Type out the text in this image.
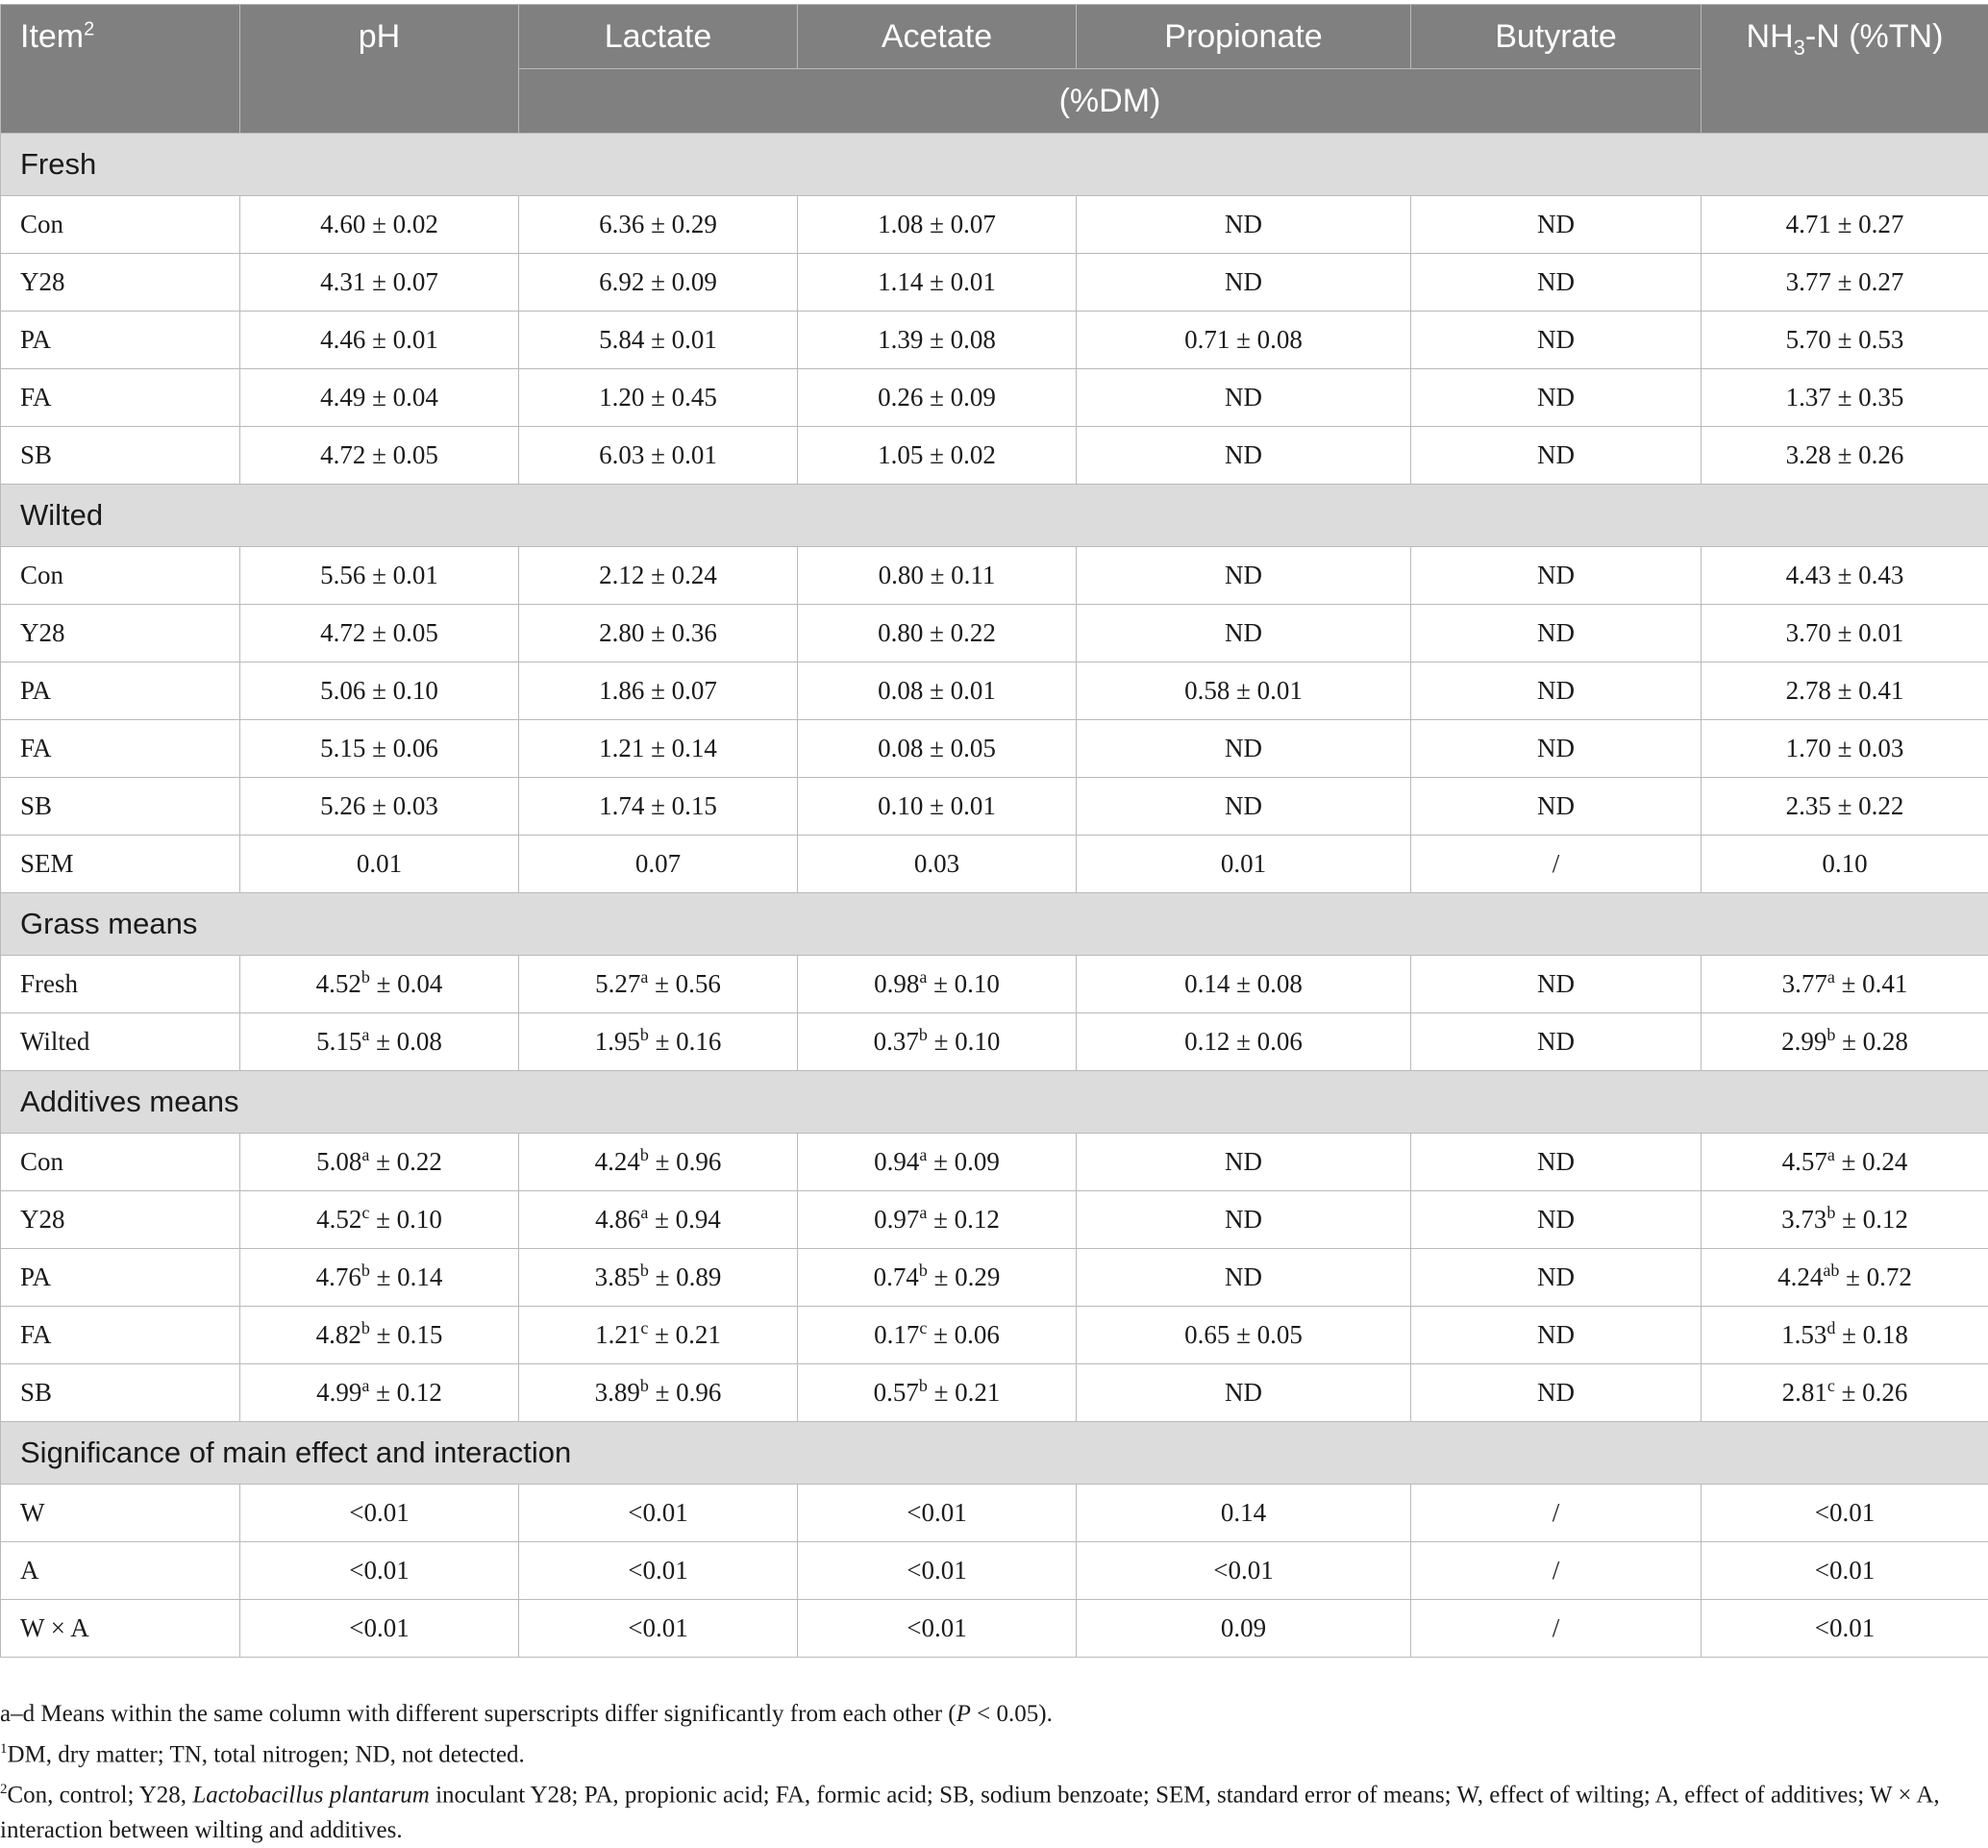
Item$^2$	pH	Lactate	Acetate	Propionate	Butyrate	$NH_3-N$ (%TN)
		(%DM)				
Fresh						
Con	4.60 ± 0.02	6.36 ± 0.29	1.08 ± 0.07	ND	ND	4.71 ± 0.27
Y28	4.31 ± 0.07	6.92 ± 0.09	1.14 ± 0.01	ND	ND	3.77 ± 0.27
PA	4.46 ± 0.01	5.84 ± 0.01	1.39 ± 0.08	0.71 ± 0.08	ND	5.70 ± 0.53
FA	4.49 ± 0.04	1.20 ± 0.45	0.26 ± 0.09	ND	ND	1.37 ± 0.35
SB	4.72 ± 0.05	6.03 ± 0.01	1.05 ± 0.02	ND	ND	3.28 ± 0.26
Wilted						
Con	5.56 ± 0.01	2.12 ± 0.24	0.80 ± 0.11	ND	ND	4.43 ± 0.43
Y28	4.72 ± 0.05	2.80 ± 0.36	0.80 ± 0.22	ND	ND	3.70 ± 0.01
PA	5.06 ± 0.10	1.86 ± 0.07	0.08 ± 0.01	0.58 ± 0.01	ND	2.78 ± 0.41
FA	5.15 ± 0.06	1.21 ± 0.14	0.08 ± 0.05	ND	ND	1.70 ± 0.03
SB	5.26 ± 0.03	1.74 ± 0.15	0.10 ± 0.01	ND	ND	2.35 ± 0.22
SEM	0.01	0.07	0.03	0.01	/	0.10
Grass means						
Fresh	4.52$^b$ ± 0.04	5.27$^a$ ± 0.56	0.98$^a$ ± 0.10	0.14 ± 0.08	ND	3.77$^a$ ± 0.41
Wilted	5.15$^a$ ± 0.08	1.95$^b$ ± 0.16	0.37$^b$ ± 0.10	0.12 ± 0.06	ND	2.99$^b$ ± 0.28
Additives means						
Con	5.08$^a$ ± 0.22	4.24$^b$ ± 0.96	0.94$^a$ ± 0.09	ND	ND	4.57$^a$ ± 0.24
Y28	4.52$^c$ ± 0.10	4.86$^a$ ± 0.94	0.97$^a$ ± 0.12	ND	ND	3.73$^b$ ± 0.12
PA	4.76$^b$ ± 0.14	3.85$^b$ ± 0.89	0.74$^b$ ± 0.29	ND	ND	4.24$^{ab}$ ± 0.72
FA	4.82$^b$ ± 0.15	1.21$^c$ ± 0.21	0.17$^c$ ± 0.06	0.65 ± 0.05	ND	1.53$^d$ ± 0.18
SB	4.99$^a$ ± 0.12	3.89$^b$ ± 0.96	0.57$^b$ ± 0.21	ND	ND	2.81$^c$ ± 0.26
Significance of main effect and interaction						
W	<0.01	<0.01	<0.01	0.14	/	<0.01
A	<0.01	<0.01	<0.01	<0.01	/	<0.01
W × A	<0.01	<0.01	<0.01	0.09	/	<0.01

a–d Means within the same column with different superscripts differ significantly from each other (P < 0.05).

$^1$DM, dry matter; TN, total nitrogen; ND, not detected.

$^2$Con, control; Y28, Lactobacillus plantarum inoculant Y28; PA, propionic acid; FA, formic acid; SB, sodium benzoate; SEM, standard error of means; W, effect of wilting; A, effect of additives; W × A, interaction between wilting and additives.
